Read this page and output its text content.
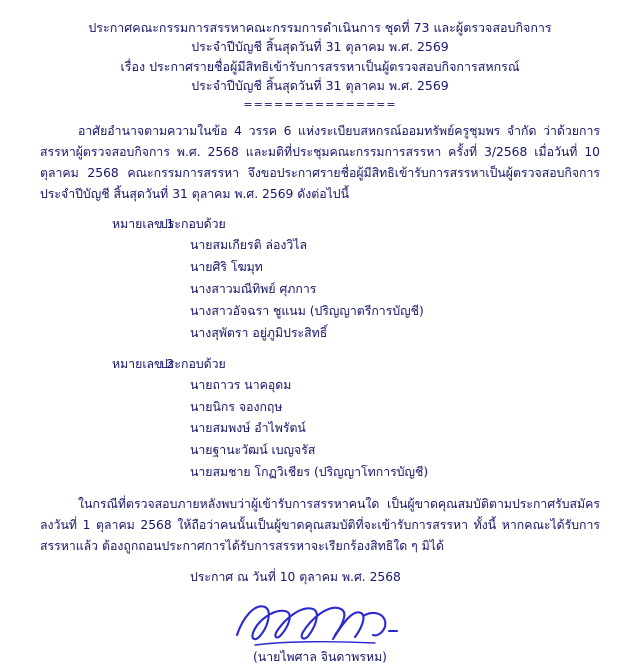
ประกาศคณะกรรมการสรรหาคณะกรรมการดำเนินการ ชุดที่ 73 และผู้ตรวจสอบกิจการ
ประจำปีบัญชี สิ้นสุดวันที่ 31 ตุลาคม พ.ศ. 2569
เรื่อง ประกาศรายชื่อผู้มีสิทธิเข้ารับการสรรหาเป็นผู้ตรวจสอบกิจการสหกรณ์
ประจำปีบัญชี สิ้นสุดวันที่ 31 ตุลาคม พ.ศ. 2569
===============

อาศัยอำนาจตามความในข้อ 4 วรรค 6 แห่งระเบียบสหกรณ์ออมทรัพย์ครูชุมพร จำกัด ว่าด้วยการสรรหาผู้ตรวจสอบกิจการ พ.ศ. 2568 และมติที่ประชุมคณะกรรมการสรรหา ครั้งที่ 3/2568 เมื่อวันที่ 10 ตุลาคม 2568 คณะกรรมการสรรหา จึงขอประกาศรายชื่อผู้มีสิทธิเข้ารับการสรรหาเป็นผู้ตรวจสอบกิจการ ประจำปีบัญชี สิ้นสุดวันที่ 31 ตุลาคม พ.ศ. 2569 ดังต่อไปนี้

หมายเลข 1
ประกอบด้วย
นายสมเกียรติ ล่องวิไล
นายศิริ โฆมุท
นางสาวมณีทิพย์ ศุภการ
นางสาวอัจฉรา ชูแนม (ปริญญาตรีการบัญชี)
นางสุพัตรา อยู่ภูมิประสิทธิ์
หมายเลข 2
ประกอบด้วย
นายถาวร นาคอุดม
นายนิกร จองกฤษ
นายสมพงษ์ อำไพรัตน์
นายฐานะวัฒน์ เบญจรัส
นายสมชาย โกฏวิเชียร (ปริญญาโทการบัญชี)

ในกรณีที่ตรวจสอบภายหลังพบว่าผู้เข้ารับการสรรหาคนใด เป็นผู้ขาดคุณสมบัติตามประกาศรับสมัคร ลงวันที่ 1 ตุลาคม 2568 ให้ถือว่าคนนั้นเป็นผู้ขาดคุณสมบัติที่จะเข้ารับการสรรหา ทั้งนี้ หากคณะได้รับการสรรหาแล้ว ต้องถูกถอนประกาศการได้รับการสรรหาจะเรียกร้องสิทธิใด ๆ มิได้

ประกาศ ณ วันที่ 10 ตุลาคม พ.ศ. 2568
(นายไพศาล จินดาพรหม)
